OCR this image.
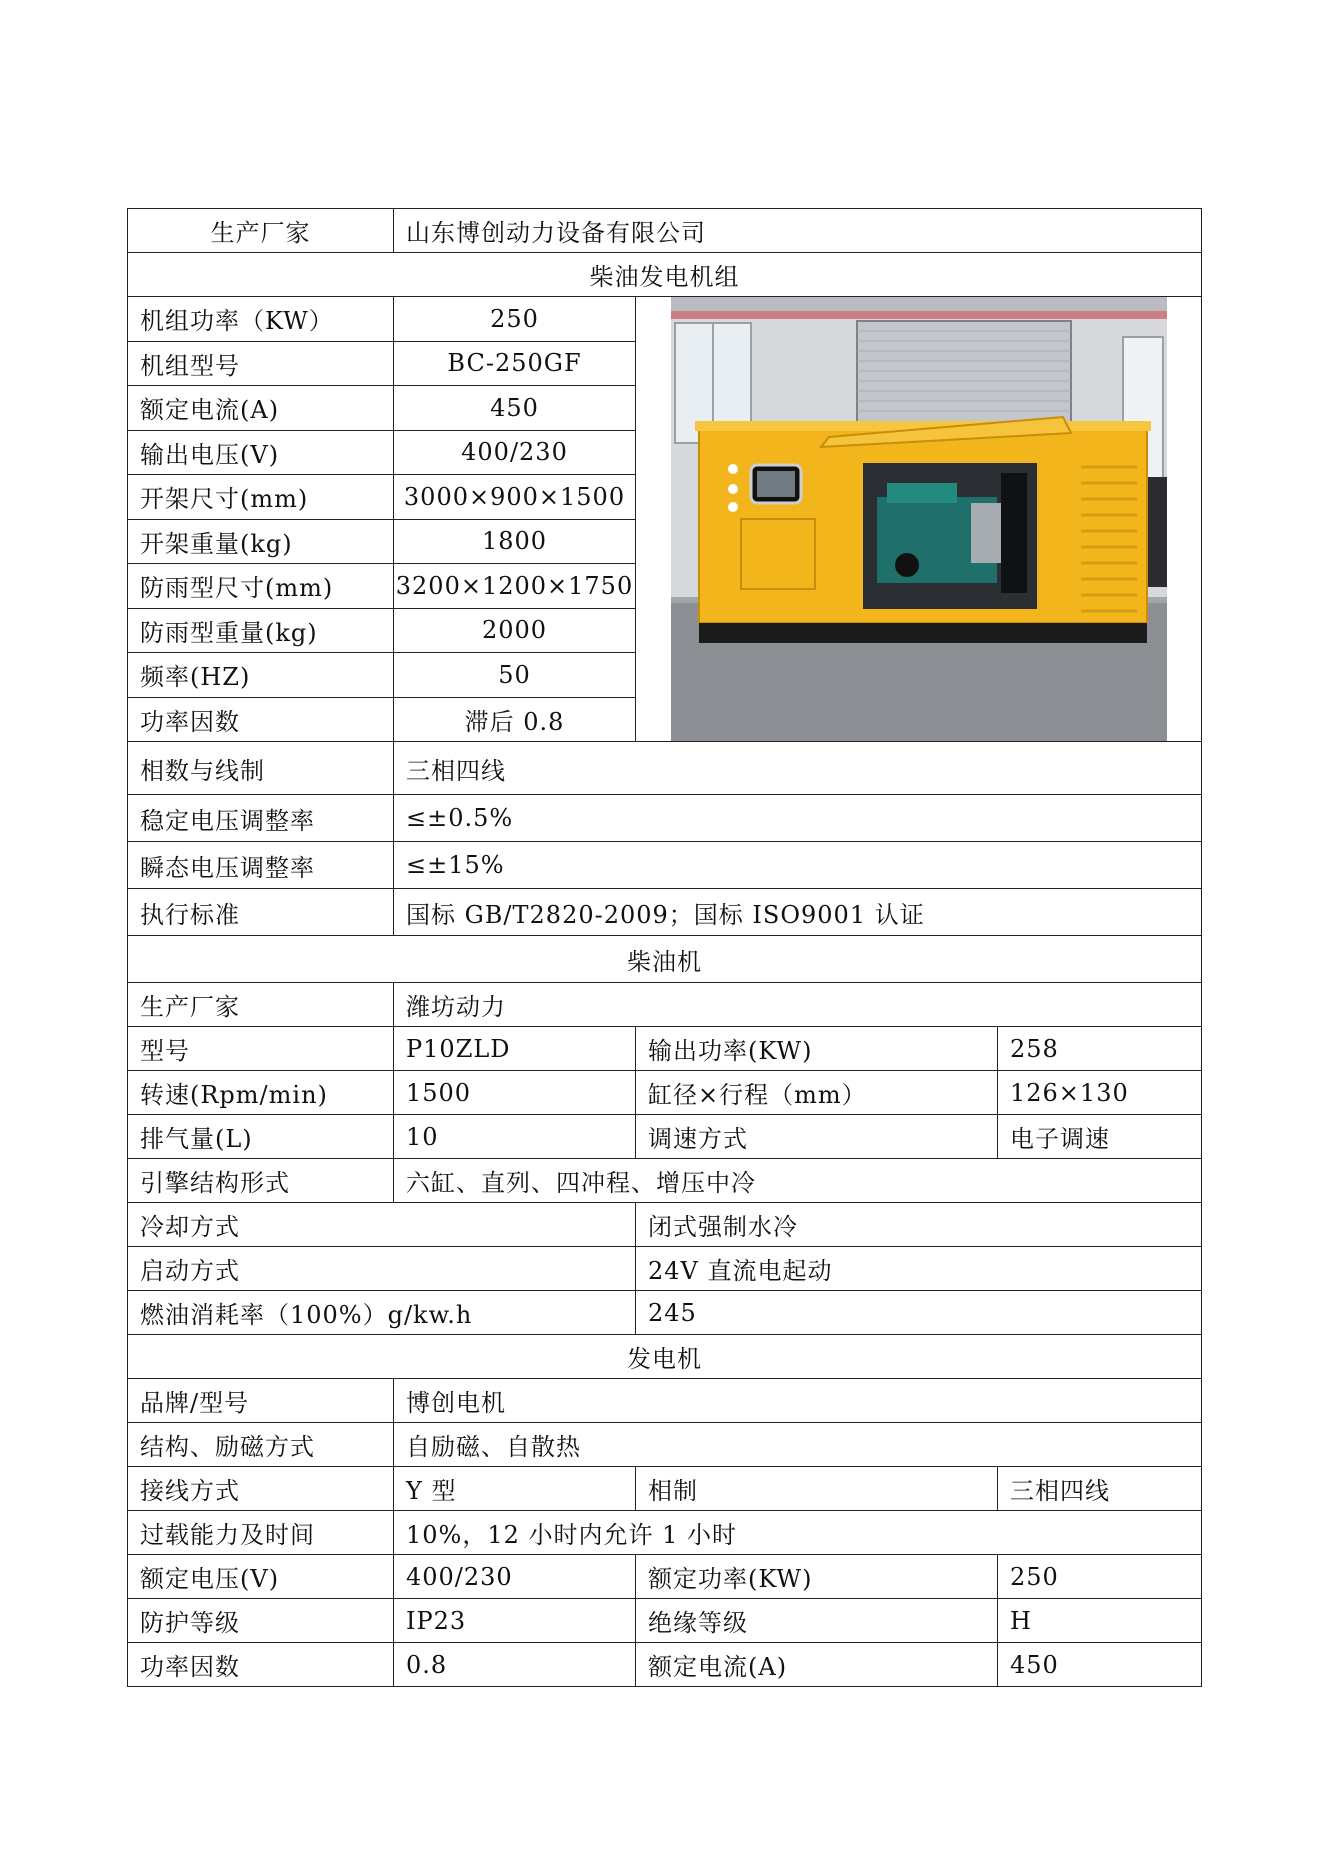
生产厂家	山东博创动力设备有限公司		
柴油发电机组			
机组功率（KW）	250	

机组型号	BC-250GF		
额定电流(A)	450		
输出电压(V)	400/230		
开架尺寸(mm)	3000×900×1500		
开架重量(kg)	1800		
防雨型尺寸(mm)	3200×1200×1750		
防雨型重量(kg)	2000		
频率(HZ)	50		
功率因数	滞后 0.8		
相数与线制	三相四线		
稳定电压调整率	≤±0.5%		
瞬态电压调整率	≤±15%		
执行标准	国标 GB/T2820-2009；国标 ISO9001 认证		
柴油机			
生产厂家	潍坊动力		
型号	P10ZLD	输出功率(KW)	258
转速(Rpm/min)	1500	缸径×行程（mm）	126×130
排气量(L)	10	调速方式	电子调速
引擎结构形式	六缸、直列、四冲程、增压中冷		
冷却方式		闭式强制水冷	
启动方式		24V 直流电起动	
燃油消耗率（100%）g/kw.h		245	
发电机			
品牌/型号	博创电机		
结构、励磁方式	自励磁、自散热		
接线方式	Y 型	相制	三相四线
过载能力及时间	10%，12 小时内允许 1 小时		
额定电压(V)	400/230	额定功率(KW)	250
防护等级	IP23	绝缘等级	H
功率因数	0.8	额定电流(A)	450
